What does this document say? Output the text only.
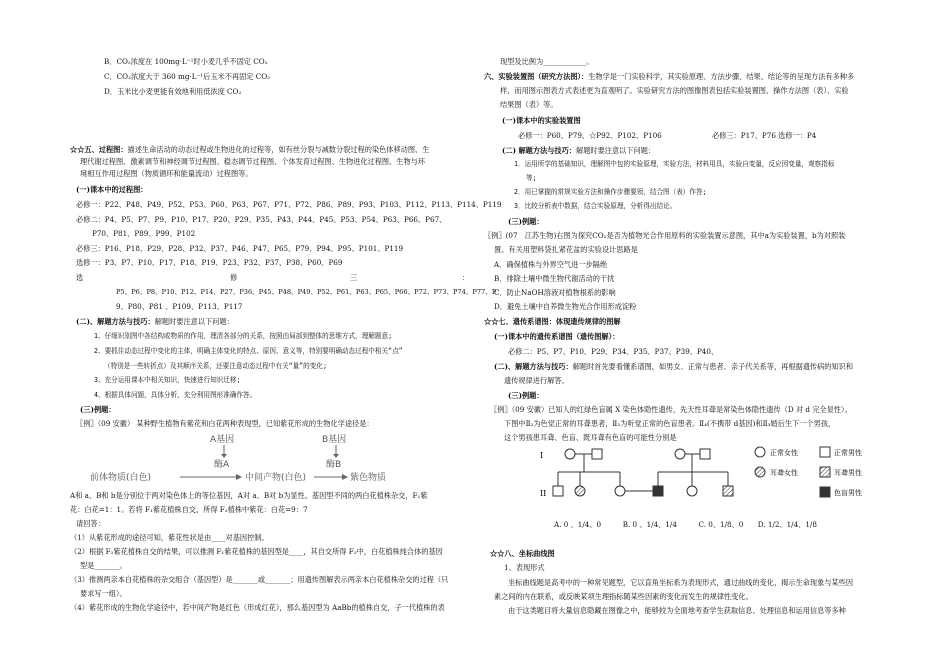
B．CO₂浓度在 100mg·L⁻¹时小麦几乎不固定 CO₂
C．CO₂浓度大于 360 mg·L⁻¹后玉米不再固定 CO₂
D．玉米比小麦更能有效地利用低浓度 CO₂
☆☆五、过程图：描述生命活动的动态过程或生物进化的过程等，如有丝分裂与减数分裂过程的染色体移动图、生
理代谢过程图、激素调节和神经调节过程图、稳态调节过程图、个体发育过程图、生物进化过程图、生物与环
境相互作用过程图（物质循环和能量流动）过程图等。
(一)课本中的过程图：
必修一：P22、P48、P49、P52、P53、P60、P63、P67、P71、P72、P86、P89、P93、P103、P112、P113、P114、P119
必修二：P4、P5、P7、P9、P10、P17、P20、P29、P35、P43、P44、P45、P53、P54、P63、P66、P67、
P70、P81、P89、P99、P102
必修三：P16、P18、P29、P28、P32、P37、P46、P47、P65、P79、P94、P95、P101、P119
选修一：P3、P7、P10、P17、P18、P19、P23、P32、P37、P38、P60、P69
选	修	三	：
P5、P6、P8、P10、P12、P14、P27、P36、P45、P48、P49、P52、P61、P63、P65、P66、P72、P73、P74、P77、P
9、P80、P81 、P109、P113、P117
(二)、解题方法与技巧：解题时要注意以下问题：
1、仔细识别图中各结构或物质的作用，理清各部分的关系，按照由局部到整体的思维方式，理解题意;
2、要抓住动态过程中变化的主体，明确主体变化的特点、原因、意义等，特别要明确动态过程中相关“点”
（特别是一些转折点）及其顺序关系，还要注意动态过程中有关“量”的变化;
3、充分运用课本中相关知识，快速进行知识迁移;
4、根据具体问题，具体分析，充分利用图形准确作答。
(三)例题：
〖例〗（09 安徽） 某种野生植物有紫花和白花两种表现型，已知紫花形成的生物化学途径是：
A基因	B基因
酶A	酶B
前体物质(白色)	中间产物(白色)	紫色物质
A和 a、B和 b是分别位于两对染色体上的等位基因，A对 a、B对 b为显性。基因型不同的两白花植株杂交，F₁紫
花：白花=1：1。若将 F₁紫花植株自交，所得 F₂植株中紫花：白花=9：7
请回答：
（1）从紫花形成的途径可知，紫花性状是由____对基因控制。
（2）根据 F₁紫花植株自交的结果，可以推测 F₁紫花植株的基因型是____，其自交所得 F₂中，白花植株纯合体的基因
型是_______。
（3）推测两亲本白花植株的杂交组合（基因型）是_______或_______；用遗传图解表示两亲本白花植株杂交的过程（只
要求写一组）。
（4）紫花形成的生物化学途径中，若中间产物是红色（形成红花），那么基因型为 AaBb的植株自交，子一代植株的表
现型及比例为____________。
六、实验装置图（研究方法图）：生物学是一门实验科学，其实验原理、方法步骤、结果、结论等的呈现方法有多种多
样，而用图示图表方式表述更为直观明了。实验研究方法的图像图表包括实验装置图、操作方法图（表）、实验
结果图（表）等。
(一)课本中的实验装置图
必修一：P60、P79、☆P92、P102、P106	必修三：P17、P76 选修一：P4
(二) 解题方法与技巧：解题时要注意以下问题：
1．运用所学的基础知识，理解图中包的实验原理，实验方法，材料用具，实验自变量，反应因变量，观察指标
等;
2．用已掌握的常规实验方法和操作步骤要领，结合图（表）作答;
3．比较分析表中数据，结合实验原理，分析得出结论。
(三)例题：
〖例〗(07　江苏生物)右图为探究CO₂是否为植物光合作用原料的实验装置示意图，其中a为实验装置，b为对照装
置。有关用塑料袋扎紧花盆的实验设计思路是
A．确保植株与外界空气进一步隔绝
B．排除土壤中微生物代谢活动的干扰
C．防止NaOH溶液对植物根系的影响
D．避免土壤中自养微生物光合作用形成淀粉
☆☆七、遗传系谱图：体现遗传规律的图解
(一)课本中的遗传系谱图（遗传图解）：
必修二：P5、P7、P10、P29、P34、P35、P37、P39、P40、
(二)、解题方法与技巧：解题时首先要看懂系谱图，如男女、正常与患者、亲子代关系等，再根据遗传病的知识和
遗传规律进行解答。
(三)例题：
〖例〗（09 安徽）已知人的红绿色盲属 X 染色体隐性遗传，先天性耳聋是常染色体隐性遗传（D 对 d 完全显性）。
下图中Ⅱ₂为色觉正常的耳聋患者，Ⅱ₃为听觉正常的色盲患者。Ⅱ₄(不携带 d基因)和Ⅱ₃婚后生下一个男孩，
这个男孩患耳聋、色盲、既耳聋有色盲的可能性分别是
I
II
正常女性	正常男性
耳聋女性	耳聋男性
色盲男性
A. 0 、1/4、0　　　B. 0 、1/4、1/4　　　C. 0、1/8、0　　D. 1/2、1/4、1/8
☆☆八、坐标曲线图
1、表现形式
坐标曲线题是高考中的一种常见题型，它以直角坐标系为表现形式，通过曲线的变化，揭示生命现象与某些因
素之间的内在联系，或反映某项生理指标随某些因素的变化而发生的规律性变化。
由于这类题目将大量信息隐藏在图像之中，能够较为全面地考查学生获取信息、处理信息和运用信息等多种
